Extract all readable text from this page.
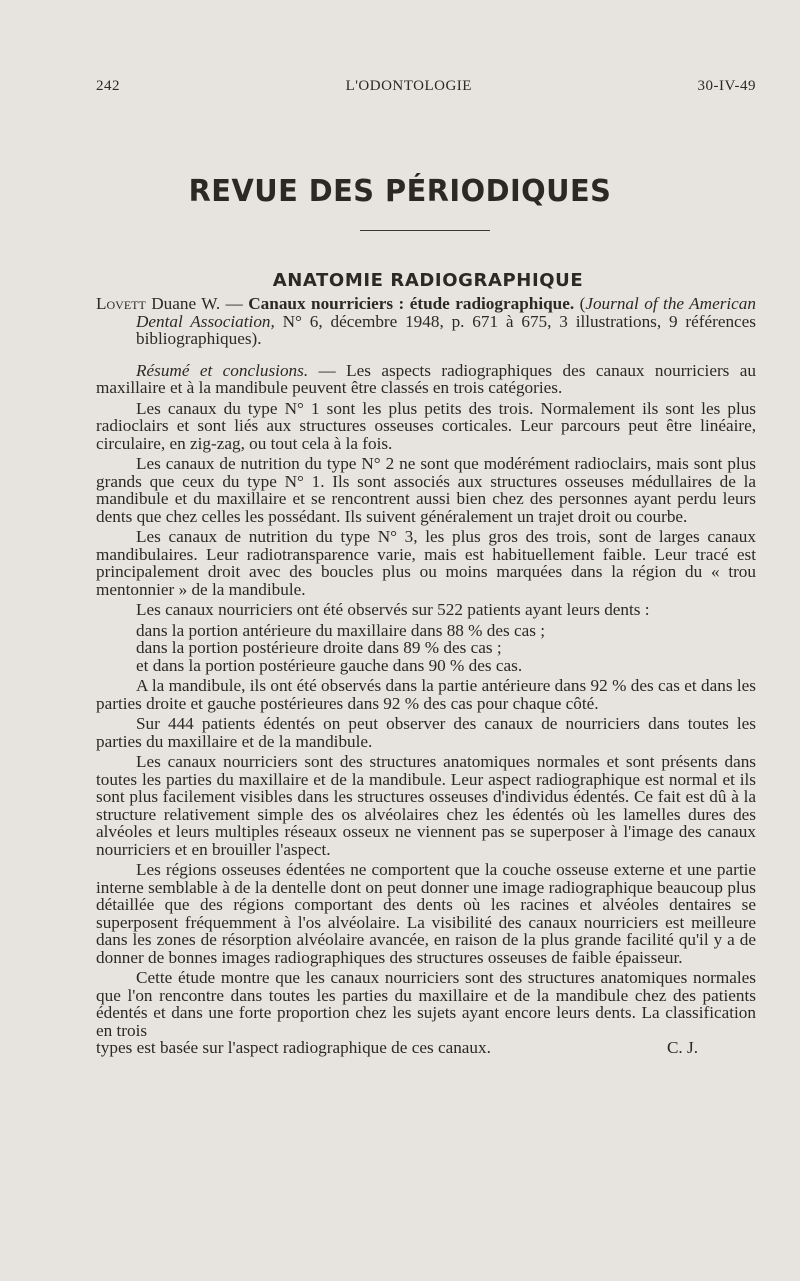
242	L'ODONTOLOGIE	30-IV-49
REVUE DES PÉRIODIQUES
ANATOMIE RADIOGRAPHIQUE

Lovett Duane W. — Canaux nourriciers : étude radiographique. (Journal of the American Dental Association, N° 6, décembre 1948, p. 671 à 675, 3 illustrations, 9 références bibliographiques).

Résumé et conclusions. — Les aspects radiographiques des canaux nourriciers au maxillaire et à la mandibule peuvent être classés en trois catégories.

Les canaux du type N° 1 sont les plus petits des trois. Normalement ils sont les plus radioclairs et sont liés aux structures osseuses corticales. Leur parcours peut être linéaire, circulaire, en zig-zag, ou tout cela à la fois.

Les canaux de nutrition du type N° 2 ne sont que modérément radioclairs, mais sont plus grands que ceux du type N° 1. Ils sont associés aux structures osseuses médullaires de la mandibule et du maxillaire et se rencontrent aussi bien chez des personnes ayant perdu leurs dents que chez celles les possédant. Ils suivent généralement un trajet droit ou courbe.

Les canaux de nutrition du type N° 3, les plus gros des trois, sont de larges canaux mandibulaires. Leur radiotransparence varie, mais est habituellement faible. Leur tracé est principalement droit avec des boucles plus ou moins marquées dans la région du « trou mentonnier » de la mandibule.

Les canaux nourriciers ont été observés sur 522 patients ayant leurs dents :

dans la portion antérieure du maxillaire dans 88 % des cas ;

dans la portion postérieure droite dans 89 % des cas ;

et dans la portion postérieure gauche dans 90 % des cas.

A la mandibule, ils ont été observés dans la partie antérieure dans 92 % des cas et dans les parties droite et gauche postérieures dans 92 % des cas pour chaque côté.

Sur 444 patients édentés on peut observer des canaux de nourriciers dans toutes les parties du maxillaire et de la mandibule.

Les canaux nourriciers sont des structures anatomiques normales et sont présents dans toutes les parties du maxillaire et de la mandibule. Leur aspect radiographique est normal et ils sont plus facilement visibles dans les structures osseuses d'individus édentés. Ce fait est dû à la structure relativement simple des os alvéolaires chez les édentés où les lamelles dures des alvéoles et leurs multiples réseaux osseux ne viennent pas se superposer à l'image des canaux nourriciers et en brouiller l'aspect.

Les régions osseuses édentées ne comportent que la couche osseuse externe et une partie interne semblable à de la dentelle dont on peut donner une image radiographique beaucoup plus détaillée que des régions comportant des dents où les racines et alvéoles dentaires se superposent fréquemment à l'os alvéolaire. La visibilité des canaux nourriciers est meilleure dans les zones de résorption alvéolaire avancée, en raison de la plus grande facilité qu'il y a de donner de bonnes images radiographiques des structures osseuses de faible épaisseur.

Cette étude montre que les canaux nourriciers sont des structures anatomiques normales que l'on rencontre dans toutes les parties du maxillaire et de la mandibule chez des patients édentés et dans une forte proportion chez les sujets ayant encore leurs dents. La classification en trois

types est basée sur l'aspect radiographique de ces canaux.	C. J.
